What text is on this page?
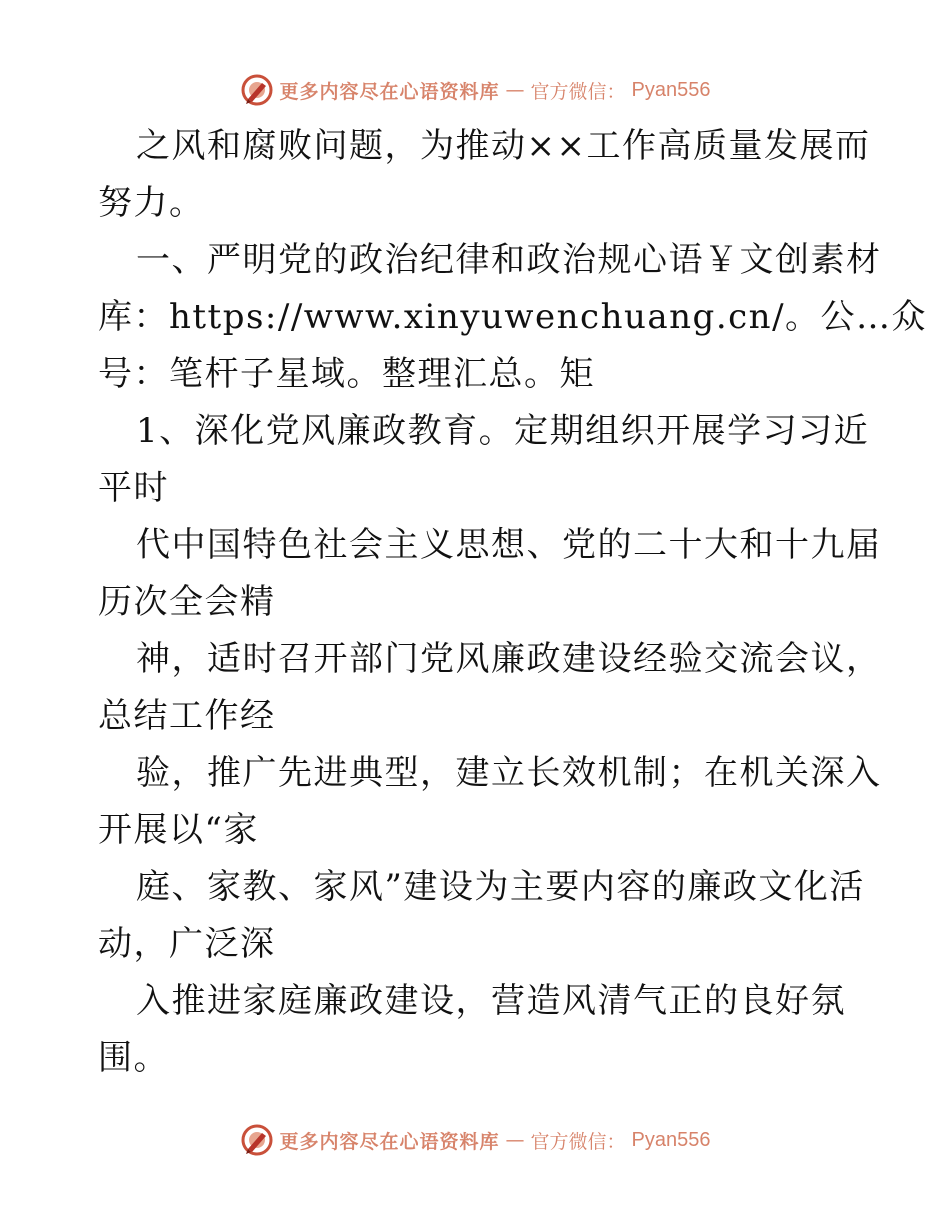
更多内容尽在心语资料库 — 官方微信： Pyan556
之风和腐败问题，为推动××工作高质量发展而
努力。
一、严明党的政治纪律和政治规心语￥文创素材
库：https://www.xinyuwenchuang.cn/。公…众
号：笔杆子星域。整理汇总。矩
1、深化党风廉政教育。定期组织开展学习习近
平时
代中国特色社会主义思想、党的二十大和十九届
历次全会精
神，适时召开部门党风廉政建设经验交流会议，
总结工作经
验，推广先进典型，建立长效机制；在机关深入
开展以“家
庭、家教、家风”建设为主要内容的廉政文化活
动，广泛深
入推进家庭廉政建设，营造风清气正的良好氛
围。
更多内容尽在心语资料库 — 官方微信： Pyan556
